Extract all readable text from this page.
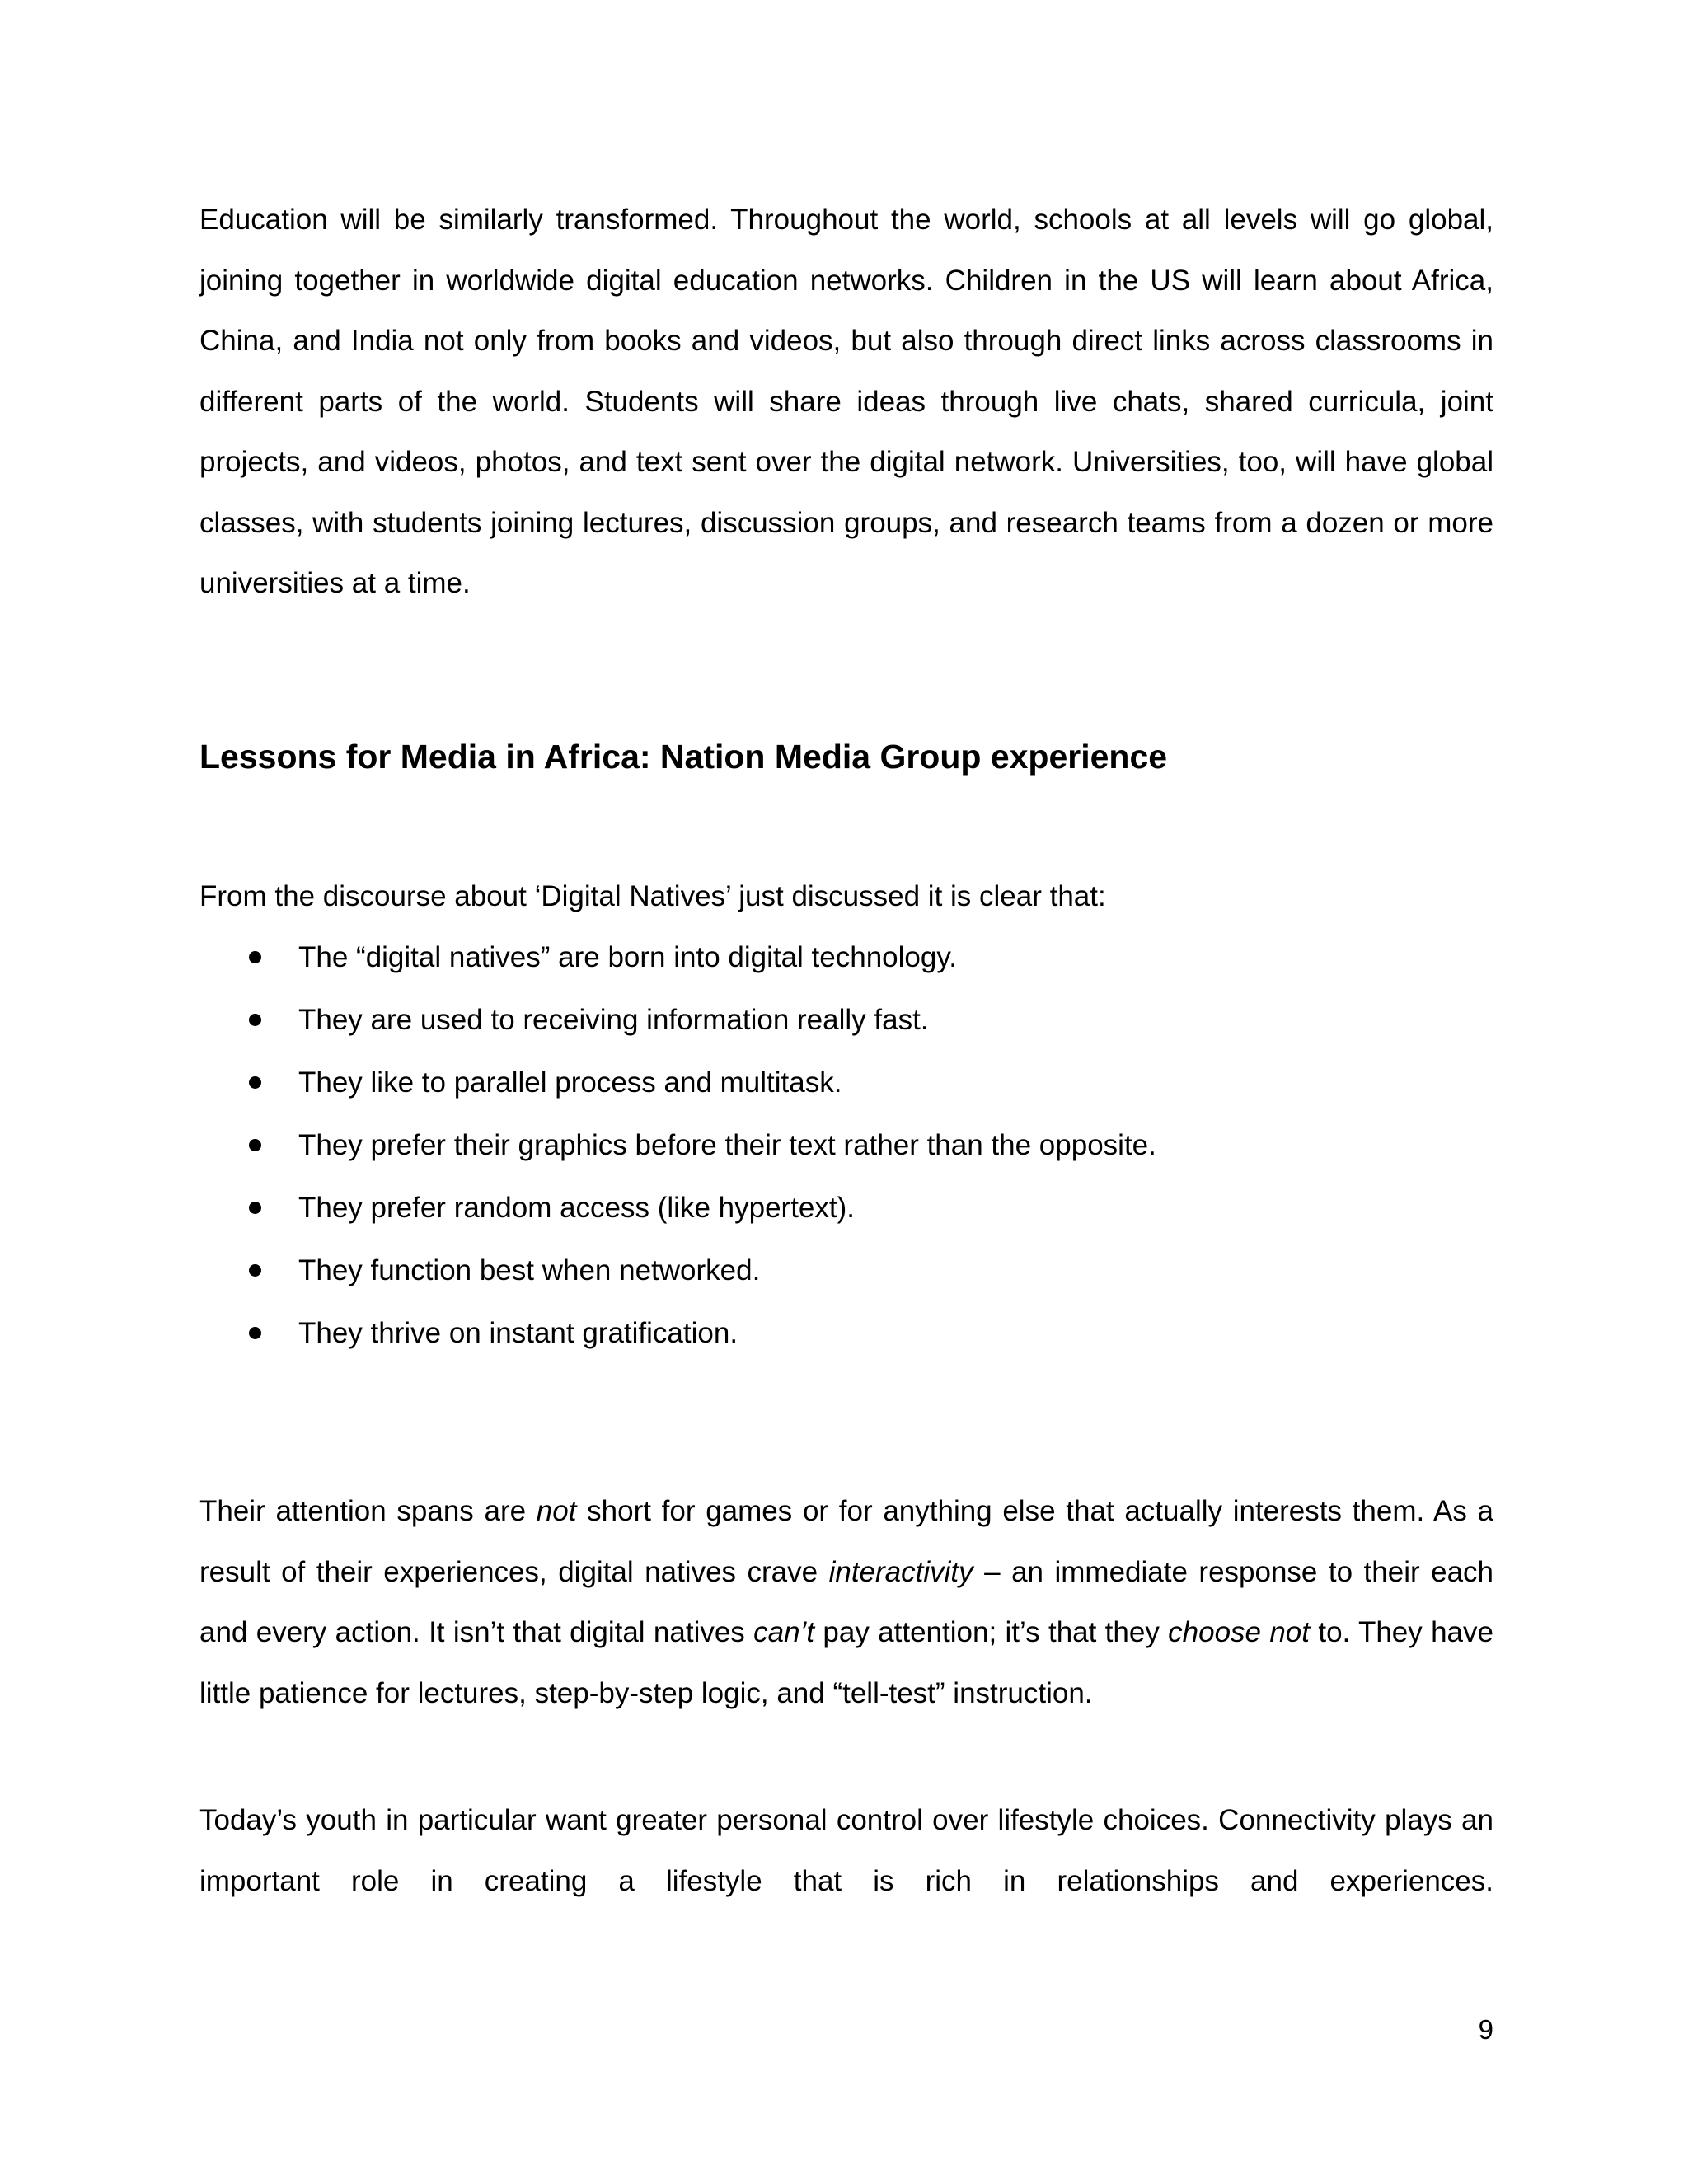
Education will be similarly transformed. Throughout the world, schools at all levels will go global, joining together in worldwide digital education networks. Children in the US will learn about Africa, China, and India not only from books and videos, but also through direct links across classrooms in different parts of the world. Students will share ideas through live chats, shared curricula, joint projects, and videos, photos, and text sent over the digital network. Universities, too, will have global classes, with students joining lectures, discussion groups, and research teams from a dozen or more universities at a time.

Lessons for Media in Africa: Nation Media Group experience

From the discourse about ‘Digital Natives’ just discussed it is clear that:

The “digital natives” are born into digital technology.
They are used to receiving information really fast.
They like to parallel process and multitask.
They prefer their graphics before their text rather than the opposite.
They prefer random access (like hypertext).
They function best when networked.
They thrive on instant gratification.

Their attention spans are not short for games or for anything else that actually interests them. As a result of their experiences, digital natives crave interactivity – an immediate response to their each and every action. It isn’t that digital natives can’t pay attention; it’s that they choose not to. They have little patience for lectures, step-by-step logic, and “tell-test” instruction.

Today’s youth in particular want greater personal control over lifestyle choices. Connectivity plays an important role in creating a lifestyle that is rich in relationships and experiences.

9
